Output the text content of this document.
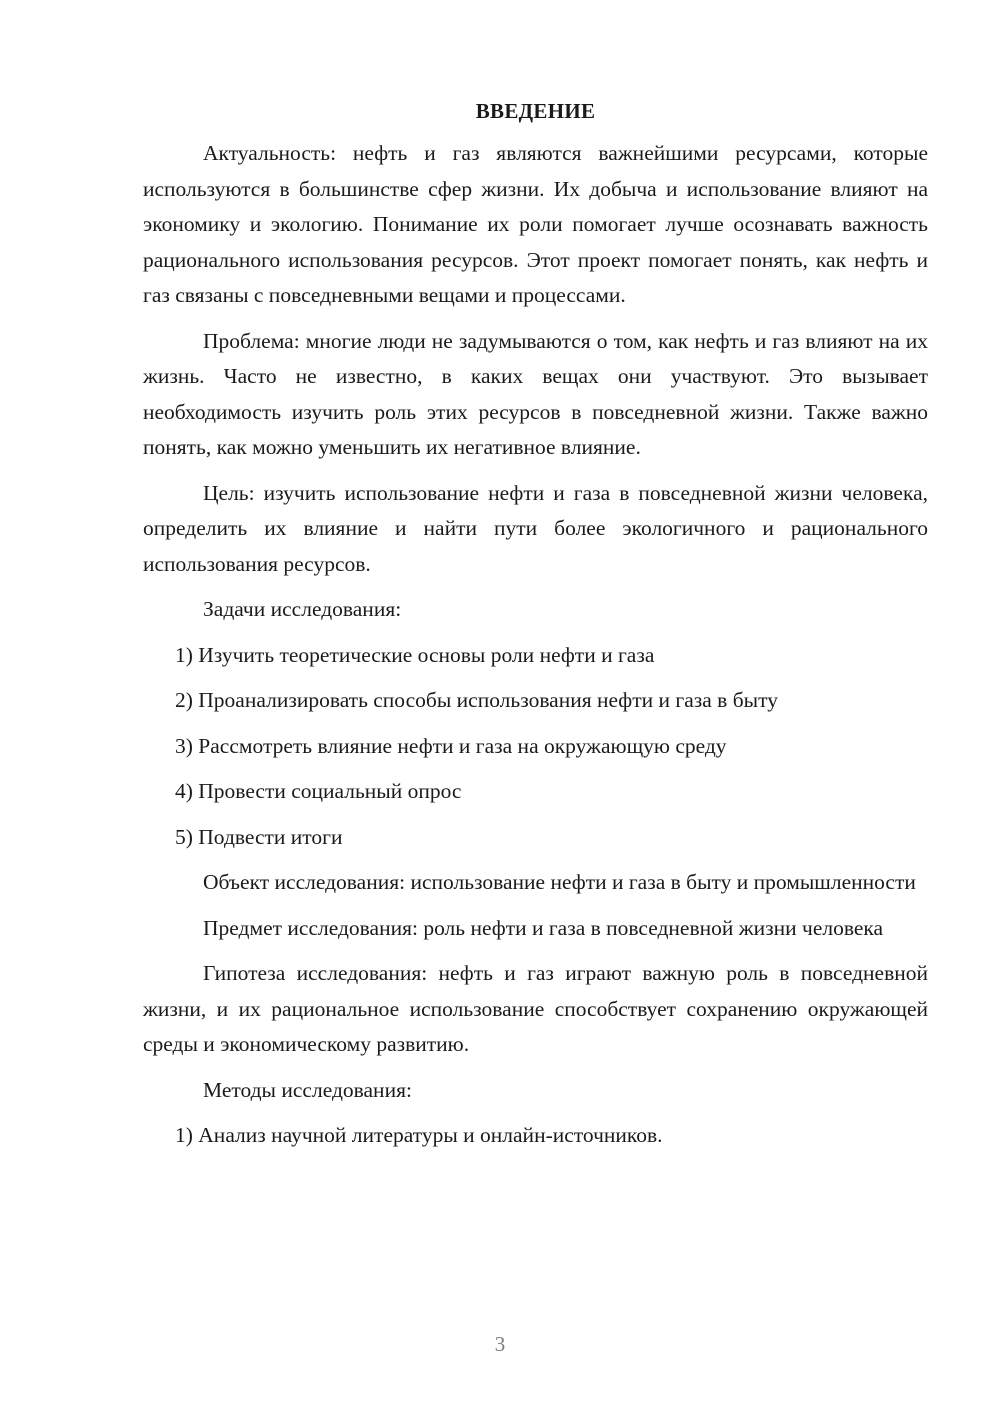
ВВЕДЕНИЕ

Актуальность: нефть и газ являются важнейшими ресурсами, которые используются в большинстве сфер жизни. Их добыча и использование влияют на экономику и экологию. Понимание их роли помогает лучше осознавать важность рационального использования ресурсов. Этот проект помогает понять, как нефть и газ связаны с повседневными вещами и процессами.

Проблема: многие люди не задумываются о том, как нефть и газ влияют на их жизнь. Часто не известно, в каких вещах они участвуют. Это вызывает необходимость изучить роль этих ресурсов в повседневной жизни. Также важно понять, как можно уменьшить их негативное влияние.

Цель: изучить использование нефти и газа в повседневной жизни человека, определить их влияние и найти пути более экологичного и рационального использования ресурсов.

Задачи исследования:

1) Изучить теоретические основы роли нефти и газа

2) Проанализировать способы использования нефти и газа в быту

3) Рассмотреть влияние нефти и газа на окружающую среду

4) Провести социальный опрос

5) Подвести итоги

Объект исследования: использование нефти и газа в быту и промышленности

Предмет исследования: роль нефти и газа в повседневной жизни человека

Гипотеза исследования: нефть и газ играют важную роль в повседневной жизни, и их рациональное использование способствует сохранению окружающей среды и экономическому развитию.

Методы исследования:

1) Анализ научной литературы и онлайн-источников.

3
